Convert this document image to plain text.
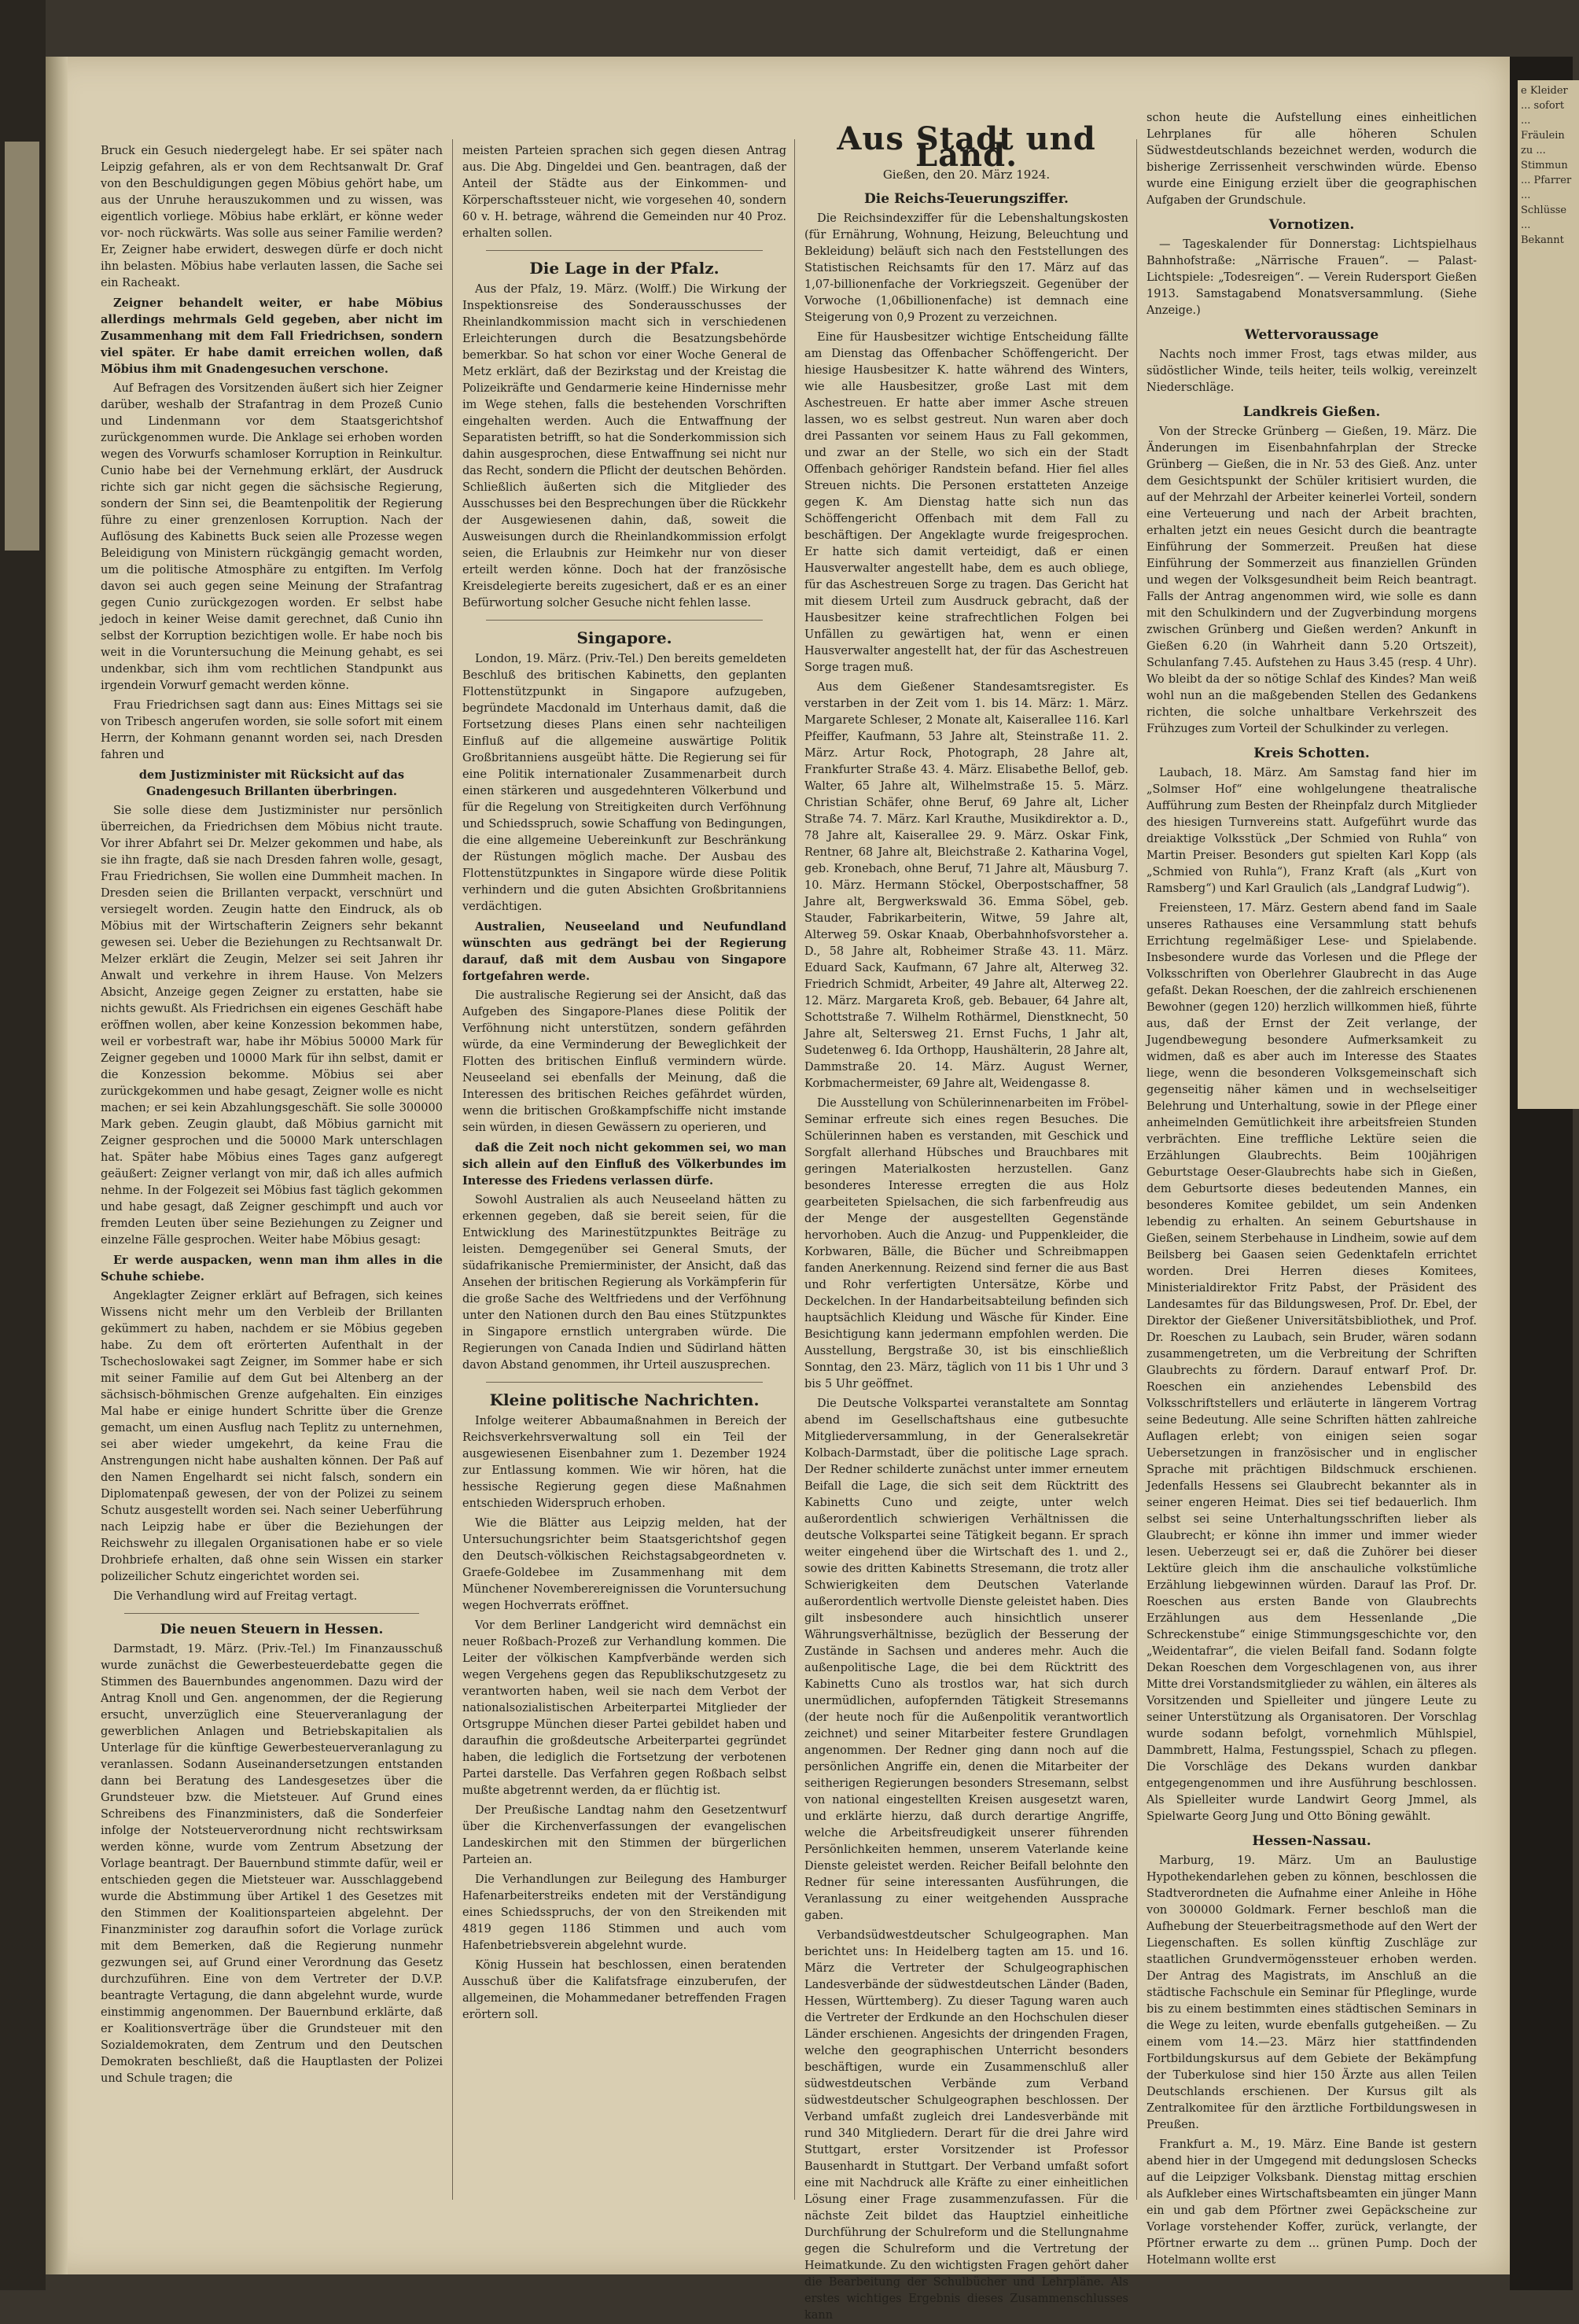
Bruck ein Gesuch niedergelegt habe. Er sei später nach Leipzig gefahren, als er von dem Rechtsanwalt Dr. Graf von den Beschuldigungen gegen Möbius gehört habe, um aus der Unruhe herauszukommen und zu wissen, was eigentlich vorliege. Möbius habe erklärt, er könne weder vor- noch rückwärts. Was solle aus seiner Familie werden? Er, Zeigner habe erwidert, deswegen dürfe er doch nicht ihn belasten. Möbius habe verlauten lassen, die Sache sei ein Racheakt.

Zeigner behandelt weiter, er habe Möbius allerdings mehrmals Geld gegeben, aber nicht im Zusammenhang mit dem Fall Friedrichsen, sondern viel später. Er habe damit erreichen wollen, daß Möbius ihm mit Gnadengesuchen verschone.

Auf Befragen des Vorsitzenden äußert sich hier Zeigner darüber, weshalb der Strafantrag in dem Prozeß Cunio und Lindenmann vor dem Staatsgerichtshof zurückgenommen wurde. Die Anklage sei erhoben worden wegen des Vorwurfs schamloser Korruption in Reinkultur. Cunio habe bei der Vernehmung erklärt, der Ausdruck richte sich gar nicht gegen die sächsische Regierung, sondern der Sinn sei, die Beamtenpolitik der Regierung führe zu einer grenzenlosen Korruption. Nach der Auflösung des Kabinetts Buck seien alle Prozesse wegen Beleidigung von Ministern rückgängig gemacht worden, um die politische Atmosphäre zu entgiften. Im Verfolg davon sei auch gegen seine Meinung der Strafantrag gegen Cunio zurückgezogen worden. Er selbst habe jedoch in keiner Weise damit gerechnet, daß Cunio ihn selbst der Korruption bezichtigen wolle. Er habe noch bis weit in die Voruntersuchung die Meinung gehabt, es sei undenkbar, sich ihm vom rechtlichen Standpunkt aus irgendein Vorwurf gemacht werden könne.

Frau Friedrichsen sagt dann aus: Eines Mittags sei sie von Tribesch angerufen worden, sie solle sofort mit einem Herrn, der Kohmann genannt worden sei, nach Dresden fahren und

dem Justizminister mit Rücksicht auf das Gnadengesuch Brillanten überbringen.

Sie solle diese dem Justizminister nur persönlich überreichen, da Friedrichsen dem Möbius nicht traute. Vor ihrer Abfahrt sei Dr. Melzer gekommen und habe, als sie ihn fragte, daß sie nach Dresden fahren wolle, gesagt, Frau Friedrichsen, Sie wollen eine Dummheit machen. In Dresden seien die Brillanten verpackt, verschnürt und versiegelt worden. Zeugin hatte den Eindruck, als ob Möbius mit der Wirtschafterin Zeigners sehr bekannt gewesen sei. Ueber die Beziehungen zu Rechtsanwalt Dr. Melzer erklärt die Zeugin, Melzer sei seit Jahren ihr Anwalt und verkehre in ihrem Hause. Von Melzers Absicht, Anzeige gegen Zeigner zu erstatten, habe sie nichts gewußt. Als Friedrichsen ein eigenes Geschäft habe eröffnen wollen, aber keine Konzession bekommen habe, weil er vorbestraft war, habe ihr Möbius 50000 Mark für Zeigner gegeben und 10000 Mark für ihn selbst, damit er die Konzession bekomme. Möbius sei aber zurückgekommen und habe gesagt, Zeigner wolle es nicht machen; er sei kein Abzahlungsgeschäft. Sie solle 300000 Mark geben. Zeugin glaubt, daß Möbius garnicht mit Zeigner gesprochen und die 50000 Mark unterschlagen hat. Später habe Möbius eines Tages ganz aufgeregt geäußert: Zeigner verlangt von mir, daß ich alles aufmich nehme. In der Folgezeit sei Möbius fast täglich gekommen und habe gesagt, daß Zeigner geschimpft und auch vor fremden Leuten über seine Beziehungen zu Zeigner und einzelne Fälle gesprochen. Weiter habe Möbius gesagt:

Er werde auspacken, wenn man ihm alles in die Schuhe schiebe.

Angeklagter Zeigner erklärt auf Befragen, sich keines Wissens nicht mehr um den Verbleib der Brillanten gekümmert zu haben, nachdem er sie Möbius gegeben habe. Zu dem oft erörterten Aufenthalt in der Tschechoslowakei sagt Zeigner, im Sommer habe er sich mit seiner Familie auf dem Gut bei Altenberg an der sächsisch-böhmischen Grenze aufgehalten. Ein einziges Mal habe er einige hundert Schritte über die Grenze gemacht, um einen Ausflug nach Teplitz zu unternehmen, sei aber wieder umgekehrt, da keine Frau die Anstrengungen nicht habe aushalten können. Der Paß auf den Namen Engelhardt sei nicht falsch, sondern ein Diplomatenpaß gewesen, der von der Polizei zu seinem Schutz ausgestellt worden sei. Nach seiner Ueberführung nach Leipzig habe er über die Beziehungen der Reichswehr zu illegalen Organisationen habe er so viele Drohbriefe erhalten, daß ohne sein Wissen ein starker polizeilicher Schutz eingerichtet worden sei.

Die Verhandlung wird auf Freitag vertagt.

Die neuen Steuern in Hessen.

Darmstadt, 19. März. (Priv.-Tel.) Im Finanzausschuß wurde zunächst die Gewerbesteuerdebatte gegen die Stimmen des Bauernbundes angenommen. Dazu wird der Antrag Knoll und Gen. angenommen, der die Regierung ersucht, unverzüglich eine Steuerveranlagung der gewerblichen Anlagen und Betriebskapitalien als Unterlage für die künftige Gewerbesteuerveranlagung zu veranlassen. Sodann Auseinandersetzungen entstanden dann bei Beratung des Landesgesetzes über die Grundsteuer bzw. die Mietsteuer. Auf Grund eines Schreibens des Finanzministers, daß die Sonderfeier infolge der Notsteuerverordnung nicht rechtswirksam werden könne, wurde vom Zentrum Absetzung der Vorlage beantragt. Der Bauernbund stimmte dafür, weil er entschieden gegen die Mietsteuer war. Ausschlaggebend wurde die Abstimmung über Artikel 1 des Gesetzes mit den Stimmen der Koalitionsparteien abgelehnt. Der Finanzminister zog daraufhin sofort die Vorlage zurück mit dem Bemerken, daß die Regierung nunmehr gezwungen sei, auf Grund einer Verordnung das Gesetz durchzuführen. Eine von dem Vertreter der D.V.P. beantragte Vertagung, die dann abgelehnt wurde, wurde einstimmig angenommen. Der Bauernbund erklärte, daß er Koalitionsverträge über die Grundsteuer mit den Sozialdemokraten, dem Zentrum und den Deutschen Demokraten beschließt, daß die Hauptlasten der Polizei und Schule tragen; die

meisten Parteien sprachen sich gegen diesen Antrag aus. Die Abg. Dingeldei und Gen. beantragen, daß der Anteil der Städte aus der Einkommen- und Körperschaftssteuer nicht, wie vorgesehen 40, sondern 60 v. H. betrage, während die Gemeinden nur 40 Proz. erhalten sollen.

Die Lage in der Pfalz.

Aus der Pfalz, 19. März. (Wolff.) Die Wirkung der Inspektionsreise des Sonderausschusses der Rheinlandkommission macht sich in verschiedenen Erleichterungen durch die Besatzungsbehörde bemerkbar. So hat schon vor einer Woche General de Metz erklärt, daß der Bezirkstag und der Kreistag die Polizeikräfte und Gendarmerie keine Hindernisse mehr im Wege stehen, falls die bestehenden Vorschriften eingehalten werden. Auch die Entwaffnung der Separatisten betrifft, so hat die Sonderkommission sich dahin ausgesprochen, diese Entwaffnung sei nicht nur das Recht, sondern die Pflicht der deutschen Behörden. Schließlich äußerten sich die Mitglieder des Ausschusses bei den Besprechungen über die Rückkehr der Ausgewiesenen dahin, daß, soweit die Ausweisungen durch die Rheinlandkommission erfolgt seien, die Erlaubnis zur Heimkehr nur von dieser erteilt werden könne. Doch hat der französische Kreisdelegierte bereits zugesichert, daß er es an einer Befürwortung solcher Gesuche nicht fehlen lasse.

Singapore.

London, 19. März. (Priv.-Tel.) Den bereits gemeldeten Beschluß des britischen Kabinetts, den geplanten Flottenstützpunkt in Singapore aufzugeben, begründete Macdonald im Unterhaus damit, daß die Fortsetzung dieses Plans einen sehr nachteiligen Einfluß auf die allgemeine auswärtige Politik Großbritanniens ausgeübt hätte. Die Regierung sei für eine Politik internationaler Zusammenarbeit durch einen stärkeren und ausgedehnteren Völkerbund und für die Regelung von Streitigkeiten durch Verföhnung und Schiedsspruch, sowie Schaffung von Bedingungen, die eine allgemeine Uebereinkunft zur Beschränkung der Rüstungen möglich mache. Der Ausbau des Flottenstützpunktes in Singapore würde diese Politik verhindern und die guten Absichten Großbritanniens verdächtigen.

Australien, Neuseeland und Neufundland wünschten aus gedrängt bei der Regierung darauf, daß mit dem Ausbau von Singapore fortgefahren werde.

Die australische Regierung sei der Ansicht, daß das Aufgeben des Singapore-Planes diese Politik der Verföhnung nicht unterstützen, sondern gefährden würde, da eine Verminderung der Beweglichkeit der Flotten des britischen Einfluß vermindern würde. Neuseeland sei ebenfalls der Meinung, daß die Interessen des britischen Reiches gefährdet würden, wenn die britischen Großkampfschiffe nicht imstande sein würden, in diesen Gewässern zu operieren, und

daß die Zeit noch nicht gekommen sei, wo man sich allein auf den Einfluß des Völkerbundes im Interesse des Friedens verlassen dürfe.

Sowohl Australien als auch Neuseeland hätten zu erkennen gegeben, daß sie bereit seien, für die Entwicklung des Marinestützpunktes Beiträge zu leisten. Demgegenüber sei General Smuts, der südafrikanische Premierminister, der Ansicht, daß das Ansehen der britischen Regierung als Vorkämpferin für die große Sache des Weltfriedens und der Verföhnung unter den Nationen durch den Bau eines Stützpunktes in Singapore ernstlich untergraben würde. Die Regierungen von Canada Indien und Südirland hätten davon Abstand genommen, ihr Urteil auszusprechen.

Kleine politische Nachrichten.

Infolge weiterer Abbaumaßnahmen in Bereich der Reichsverkehrsverwaltung soll ein Teil der ausgewiesenen Eisenbahner zum 1. Dezember 1924 zur Entlassung kommen. Wie wir hören, hat die hessische Regierung gegen diese Maßnahmen entschieden Widerspruch erhoben.

Wie die Blätter aus Leipzig melden, hat der Untersuchungsrichter beim Staatsgerichtshof gegen den Deutsch-völkischen Reichstagsabgeordneten v. Graefe-Goldebee im Zusammenhang mit dem Münchener Novemberereignissen die Voruntersuchung wegen Hochverrats eröffnet.

Vor dem Berliner Landgericht wird demnächst ein neuer Roßbach-Prozeß zur Verhandlung kommen. Die Leiter der völkischen Kampfverbände werden sich wegen Vergehens gegen das Republikschutzgesetz zu verantworten haben, weil sie nach dem Verbot der nationalsozialistischen Arbeiterpartei Mitglieder der Ortsgruppe München dieser Partei gebildet haben und daraufhin die großdeutsche Arbeiterpartei gegründet haben, die lediglich die Fortsetzung der verbotenen Partei darstelle. Das Verfahren gegen Roßbach selbst mußte abgetrennt werden, da er flüchtig ist.

Der Preußische Landtag nahm den Gesetzentwurf über die Kirchenverfassungen der evangelischen Landeskirchen mit den Stimmen der bürgerlichen Parteien an.

Die Verhandlungen zur Beilegung des Hamburger Hafenarbeiterstreiks endeten mit der Verständigung eines Schiedsspruchs, der von den Streikenden mit 4819 gegen 1186 Stimmen und auch vom Hafenbetriebsverein abgelehnt wurde.

König Hussein hat beschlossen, einen beratenden Ausschuß über die Kalifatsfrage einzuberufen, der allgemeinen, die Mohammedaner betreffenden Fragen erörtern soll.

Aus Stadt und Land.
Gießen, den 20. März 1924.
Die Reichs-Teuerungsziffer.

Die Reichsindexziffer für die Lebenshaltungskosten (für Ernährung, Wohnung, Heizung, Beleuchtung und Bekleidung) beläuft sich nach den Feststellungen des Statistischen Reichsamts für den 17. März auf das 1,07-billionenfache der Vorkriegszeit. Gegenüber der Vorwoche (1,06billionenfache) ist demnach eine Steigerung von 0,9 Prozent zu verzeichnen.

Eine für Hausbesitzer wichtige Entscheidung fällte am Dienstag das Offenbacher Schöffengericht. Der hiesige Hausbesitzer K. hatte während des Winters, wie alle Hausbesitzer, große Last mit dem Aschestreuen. Er hatte aber immer Asche streuen lassen, wo es selbst gestreut. Nun waren aber doch drei Passanten vor seinem Haus zu Fall gekommen, und zwar an der Stelle, wo sich ein der Stadt Offenbach gehöriger Randstein befand. Hier fiel alles Streuen nichts. Die Personen erstatteten Anzeige gegen K. Am Dienstag hatte sich nun das Schöffengericht Offenbach mit dem Fall zu beschäftigen. Der Angeklagte wurde freigesprochen. Er hatte sich damit verteidigt, daß er einen Hausverwalter angestellt habe, dem es auch obliege, für das Aschestreuen Sorge zu tragen. Das Gericht hat mit diesem Urteil zum Ausdruck gebracht, daß der Hausbesitzer keine strafrechtlichen Folgen bei Unfällen zu gewärtigen hat, wenn er einen Hausverwalter angestellt hat, der für das Aschestreuen Sorge tragen muß.

Aus dem Gießener Standesamtsregister. Es verstarben in der Zeit vom 1. bis 14. März: 1. März. Margarete Schleser, 2 Monate alt, Kaiserallee 116. Karl Pfeiffer, Kaufmann, 53 Jahre alt, Steinstraße 11. 2. März. Artur Rock, Photograph, 28 Jahre alt, Frankfurter Straße 43. 4. März. Elisabethe Bellof, geb. Walter, 65 Jahre alt, Wilhelmstraße 15. 5. März. Christian Schäfer, ohne Beruf, 69 Jahre alt, Licher Straße 74. 7. März. Karl Krauthe, Musikdirektor a. D., 78 Jahre alt, Kaiserallee 29. 9. März. Oskar Fink, Rentner, 68 Jahre alt, Bleichstraße 2. Katharina Vogel, geb. Kronebach, ohne Beruf, 71 Jahre alt, Mäusburg 7. 10. März. Hermann Stöckel, Oberpostschaffner, 58 Jahre alt, Bergwerkswald 36. Emma Söbel, geb. Stauder, Fabrikarbeiterin, Witwe, 59 Jahre alt, Alterweg 59. Oskar Knaab, Oberbahnhofsvorsteher a. D., 58 Jahre alt, Robheimer Straße 43. 11. März. Eduard Sack, Kaufmann, 67 Jahre alt, Alterweg 32. Friedrich Schmidt, Arbeiter, 49 Jahre alt, Alterweg 22. 12. März. Margareta Kroß, geb. Bebauer, 64 Jahre alt, Schottstraße 7. Wilhelm Rothärmel, Dienstknecht, 50 Jahre alt, Seltersweg 21. Ernst Fuchs, 1 Jahr alt, Sudetenweg 6. Ida Orthopp, Haushälterin, 28 Jahre alt, Dammstraße 20. 14. März. August Werner, Korbmachermeister, 69 Jahre alt, Weidengasse 8.

Die Ausstellung von Schülerinnenarbeiten im Fröbel-Seminar erfreute sich eines regen Besuches. Die Schülerinnen haben es verstanden, mit Geschick und Sorgfalt allerhand Hübsches und Brauchbares mit geringen Materialkosten herzustellen. Ganz besonderes Interesse erregten die aus Holz gearbeiteten Spielsachen, die sich farbenfreudig aus der Menge der ausgestellten Gegenstände hervorhoben. Auch die Anzug- und Puppenkleider, die Korbwaren, Bälle, die Bücher und Schreibmappen fanden Anerkennung. Reizend sind ferner die aus Bast und Rohr verfertigten Untersätze, Körbe und Deckelchen. In der Handarbeitsabteilung befinden sich hauptsächlich Kleidung und Wäsche für Kinder. Eine Besichtigung kann jedermann empfohlen werden. Die Ausstellung, Bergstraße 30, ist bis einschließlich Sonntag, den 23. März, täglich von 11 bis 1 Uhr und 3 bis 5 Uhr geöffnet.

Die Deutsche Volkspartei veranstaltete am Sonntag abend im Gesellschaftshaus eine gutbesuchte Mitgliederversammlung, in der Generalsekretär Kolbach-Darmstadt, über die politische Lage sprach. Der Redner schilderte zunächst unter immer erneutem Beifall die Lage, die sich seit dem Rücktritt des Kabinetts Cuno und zeigte, unter welch außerordentlich schwierigen Verhältnissen die deutsche Volkspartei seine Tätigkeit begann. Er sprach weiter eingehend über die Wirtschaft des 1. und 2., sowie des dritten Kabinetts Stresemann, die trotz aller Schwierigkeiten dem Deutschen Vaterlande außerordentlich wertvolle Dienste geleistet haben. Dies gilt insbesondere auch hinsichtlich unserer Währungsverhältnisse, bezüglich der Besserung der Zustände in Sachsen und anderes mehr. Auch die außenpolitische Lage, die bei dem Rücktritt des Kabinetts Cuno als trostlos war, hat sich durch unermüdlichen, aufopfernden Tätigkeit Stresemanns (der heute noch für die Außenpolitik verantwortlich zeichnet) und seiner Mitarbeiter festere Grundlagen angenommen. Der Redner ging dann noch auf die persönlichen Angriffe ein, denen die Mitarbeiter der seitherigen Regierungen besonders Stresemann, selbst von national eingestellten Kreisen ausgesetzt waren, und erklärte hierzu, daß durch derartige Angriffe, welche die Arbeitsfreudigkeit unserer führenden Persönlichkeiten hemmen, unserem Vaterlande keine Dienste geleistet werden. Reicher Beifall belohnte den Redner für seine interessanten Ausführungen, die Veranlassung zu einer weitgehenden Aussprache gaben.

Verbandsüdwestdeutscher Schulgeographen. Man berichtet uns: In Heidelberg tagten am 15. und 16. März die Vertreter der Schulgeographischen Landesverbände der südwestdeutschen Länder (Baden, Hessen, Württemberg). Zu dieser Tagung waren auch die Vertreter der Erdkunde an den Hochschulen dieser Länder erschienen. Angesichts der dringenden Fragen, welche den geographischen Unterricht besonders beschäftigen, wurde ein Zusammenschluß aller südwestdeutschen Verbände zum Verband südwestdeutscher Schulgeographen beschlossen. Der Verband umfaßt zugleich drei Landesverbände mit rund 340 Mitgliedern. Derart für die drei Jahre wird Stuttgart, erster Vorsitzender ist Professor Bausenhardt in Stuttgart. Der Verband umfaßt sofort eine mit Nachdruck alle Kräfte zu einer einheitlichen Lösung einer Frage zusammenzufassen. Für die nächste Zeit bildet das Hauptziel einheitliche Durchführung der Schulreform und die Stellungnahme gegen die Schulreform und die Vertretung der Heimatkunde. Zu den wichtigsten Fragen gehört daher die Bearbeitung der Schulbücher und Lehrpläne. Als erstes wichtiges Ergebnis dieses Zusammenschlusses kann

schon heute die Aufstellung eines einheitlichen Lehrplanes für alle höheren Schulen Südwestdeutschlands bezeichnet werden, wodurch die bisherige Zerrissenheit verschwinden würde. Ebenso wurde eine Einigung erzielt über die geographischen Aufgaben der Grundschule.

Vornotizen.

— Tageskalender für Donnerstag: Lichtspielhaus Bahnhofstraße: „Närrische Frauen“. — Palast-Lichtspiele: „Todesreigen“. — Verein Rudersport Gießen 1913. Samstagabend Monatsversammlung. (Siehe Anzeige.)

Wettervoraussage

Nachts noch immer Frost, tags etwas milder, aus südöstlicher Winde, teils heiter, teils wolkig, vereinzelt Niederschläge.

Landkreis Gießen.

Von der Strecke Grünberg — Gießen, 19. März. Die Änderungen im Eisenbahnfahrplan der Strecke Grünberg — Gießen, die in Nr. 53 des Gieß. Anz. unter dem Gesichtspunkt der Schüler kritisiert wurden, die auf der Mehrzahl der Arbeiter keinerlei Vorteil, sondern eine Verteuerung und nach der Arbeit brachten, erhalten jetzt ein neues Gesicht durch die beantragte Einführung der Sommerzeit. Preußen hat diese Einführung der Sommerzeit aus finanziellen Gründen und wegen der Volksgesundheit beim Reich beantragt. Falls der Antrag angenommen wird, wie solle es dann mit den Schulkindern und der Zugverbindung morgens zwischen Grünberg und Gießen werden? Ankunft in Gießen 6.20 (in Wahrheit dann 5.20 Ortszeit), Schulanfang 7.45. Aufstehen zu Haus 3.45 (resp. 4 Uhr). Wo bleibt da der so nötige Schlaf des Kindes? Man weiß wohl nun an die maßgebenden Stellen des Gedankens richten, die solche unhaltbare Verkehrszeit des Frühzuges zum Vorteil der Schulkinder zu verlegen.

Kreis Schotten.

Laubach, 18. März. Am Samstag fand hier im „Solmser Hof“ eine wohlgelungene theatralische Aufführung zum Besten der Rheinpfalz durch Mitglieder des hiesigen Turnvereins statt. Aufgeführt wurde das dreiaktige Volksstück „Der Schmied von Ruhla“ von Martin Preiser. Besonders gut spielten Karl Kopp (als „Schmied von Ruhla“), Franz Kraft (als „Kurt von Ramsberg“) und Karl Graulich (als „Landgraf Ludwig“).

Freiensteen, 17. März. Gestern abend fand im Saale unseres Rathauses eine Versammlung statt behufs Errichtung regelmäßiger Lese- und Spielabende. Insbesondere wurde das Vorlesen und die Pflege der Volksschriften von Oberlehrer Glaubrecht in das Auge gefaßt. Dekan Roeschen, der die zahlreich erschienenen Bewohner (gegen 120) herzlich willkommen hieß, führte aus, daß der Ernst der Zeit verlange, der Jugendbewegung besondere Aufmerksamkeit zu widmen, daß es aber auch im Interesse des Staates liege, wenn die besonderen Volksgemeinschaft sich gegenseitig näher kämen und in wechselseitiger Belehrung und Unterhaltung, sowie in der Pflege einer anheimelnden Gemütlichkeit ihre arbeitsfreien Stunden verbrächten. Eine treffliche Lektüre seien die Erzählungen Glaubrechts. Beim 100jährigen Geburtstage Oeser-Glaubrechts habe sich in Gießen, dem Geburtsorte dieses bedeutenden Mannes, ein besonderes Komitee gebildet, um sein Andenken lebendig zu erhalten. An seinem Geburtshause in Gießen, seinem Sterbehause in Lindheim, sowie auf dem Beilsberg bei Gaasen seien Gedenktafeln errichtet worden. Drei Herren dieses Komitees, Ministerialdirektor Fritz Pabst, der Präsident des Landesamtes für das Bildungswesen, Prof. Dr. Ebel, der Direktor der Gießener Universitätsbibliothek, und Prof. Dr. Roeschen zu Laubach, sein Bruder, wären sodann zusammengetreten, um die Verbreitung der Schriften Glaubrechts zu fördern. Darauf entwarf Prof. Dr. Roeschen ein anziehendes Lebensbild des Volksschriftstellers und erläuterte in längerem Vortrag seine Bedeutung. Alle seine Schriften hätten zahlreiche Auflagen erlebt; von einigen seien sogar Uebersetzungen in französischer und in englischer Sprache mit prächtigen Bildschmuck erschienen. Jedenfalls Hessens sei Glaubrecht bekannter als in seiner engeren Heimat. Dies sei tief bedauerlich. Ihm selbst sei seine Unterhaltungsschriften lieber als Glaubrecht; er könne ihn immer und immer wieder lesen. Ueberzeugt sei er, daß die Zuhörer bei dieser Lektüre gleich ihm die anschauliche volkstümliche Erzählung liebgewinnen würden. Darauf las Prof. Dr. Roeschen aus ersten Bande von Glaubrechts Erzählungen aus dem Hessenlande „Die Schreckenstube“ einige Stimmungsgeschichte vor, den „Weidentafrar“, die vielen Beifall fand. Sodann folgte Dekan Roeschen dem Vorgeschlagenen von, aus ihrer Mitte drei Vorstandsmitglieder zu wählen, ein älteres als Vorsitzenden und Spielleiter und jüngere Leute zu seiner Unterstützung als Organisatoren. Der Vorschlag wurde sodann befolgt, vornehmlich Mühlspiel, Dammbrett, Halma, Festungsspiel, Schach zu pflegen. Die Vorschläge des Dekans wurden dankbar entgegengenommen und ihre Ausführung beschlossen. Als Spielleiter wurde Landwirt Georg Jmmel, als Spielwarte Georg Jung und Otto Böning gewählt.

Hessen-Nassau.

Marburg, 19. März. Um an Baulustige Hypothekendarlehen geben zu können, beschlossen die Stadtverordneten die Aufnahme einer Anleihe in Höhe von 300000 Goldmark. Ferner beschloß man die Aufhebung der Steuerbeitragsmethode auf den Wert der Liegenschaften. Es sollen künftig Zuschläge zur staatlichen Grundvermögenssteuer erhoben werden. Der Antrag des Magistrats, im Anschluß an die städtische Fachschule ein Seminar für Pfleglinge, wurde bis zu einem bestimmten eines städtischen Seminars in die Wege zu leiten, wurde ebenfalls gutgeheißen. — Zu einem vom 14.—23. März hier stattfindenden Fortbildungskursus auf dem Gebiete der Bekämpfung der Tuberkulose sind hier 150 Ärzte aus allen Teilen Deutschlands erschienen. Der Kursus gilt als Zentralkomitee für den ärztliche Fortbildungswesen in Preußen.

Frankfurt a. M., 19. März. Eine Bande ist gestern abend hier in der Umgegend mit dedungslosen Schecks auf die Leipziger Volksbank. Dienstag mittag erschien als Aufkleber eines Wirtschaftsbeamten ein jünger Mann ein und gab dem Pförtner zwei Gepäckscheine zur Vorlage vorstehender Koffer, zurück, verlangte, der Pförtner erwarte zu dem ... grünen Pump. Doch der Hotelmann wollte erst

e Kleider ... sofort ... Fräulein zu ... Stimmun ... Pfarrer ... Schlüsse ... Bekannt
